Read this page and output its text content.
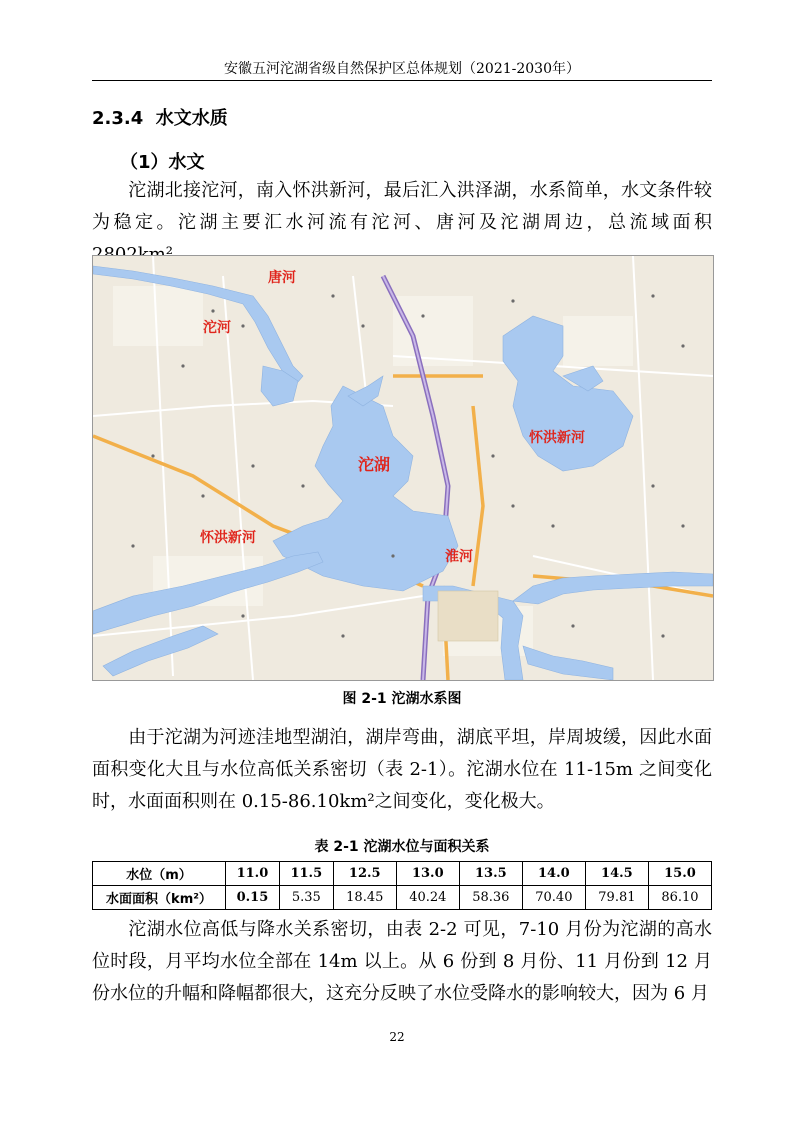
安徽五河沱湖省级自然保护区总体规划（2021-2030年）
2.3.4 水文水质
（1）水文

沱湖北接沱河，南入怀洪新河，最后汇入洪泽湖，水系简单，水文条件较为稳定。沱湖主要汇水河流有沱河、唐河及沱湖周边，总流域面积

唐河
沱河
沱湖
怀洪新河
怀洪新河
淮河
图 2-1 沱湖水系图

由于沱湖为河迹洼地型湖泊，湖岸弯曲，湖底平坦，岸周坡缓，因此水面面积变化大且与水位高低关系密切（表 2-1）。沱湖水位在 11-15m 之间变化时，水面面积则在 0.15-86.10km²之间变化，变化极大。

表 2-1 沱湖水位与面积关系
水位（m）	11.0	11.5	12.5	13.0	13.5	14.0	14.5	15.0
水面面积（km²）	0.15	5.35	18.45	40.24	58.36	70.40	79.81	86.10

沱湖水位高低与降水关系密切，由表 2-2 可见，7-10 月份为沱湖的高水位时段，月平均水位全部在 14m 以上。从 6 份到 8 月份、11 月份到 12 月份水位的升幅和降幅都很大，这充分反映了水位受降水的影响较大，因为 6 月

22
